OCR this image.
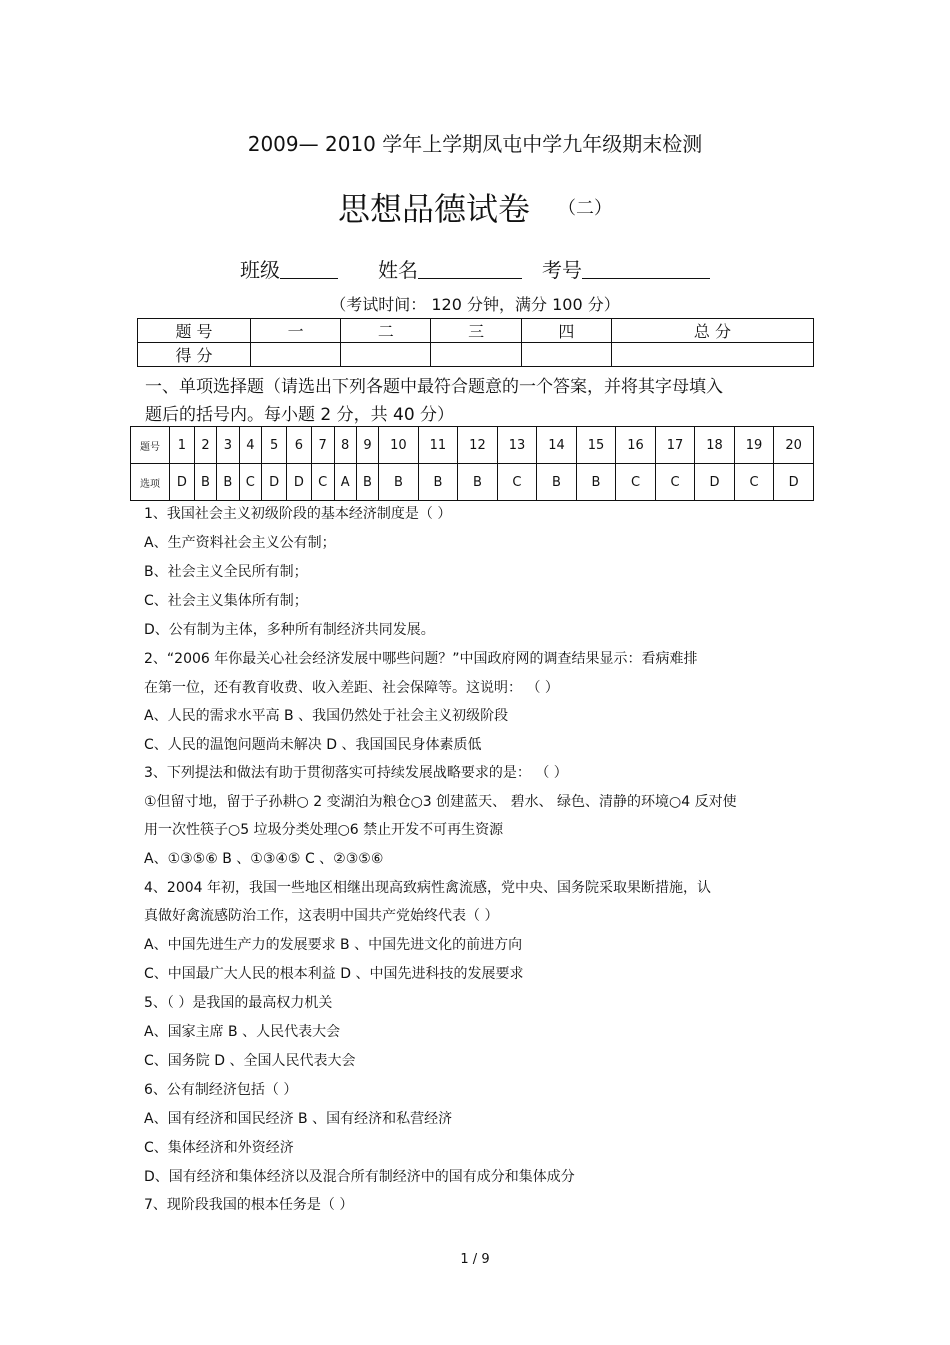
2009— 2010 学年上学期凤屯中学九年级期末检测
思想品德试卷 $^{(二)}$
班级	姓名	考号
（考试时间： 120 分钟，满分 100 分）
题 号	一	二	三	四	总 分
得 分					
一、单项选择题（请选出下列各题中最符合题意的一个答案，并将其字母填入
题后的括号内。每小题 2 分，共 40 分）
题号	1	2	3	4	5	6	7	8	9	10	11	12	13	14	15	16	17	18	19	20
选项	D	B	B	C	D	D	C	A	B	B	B	B	C	B	B	C	C	D	C	D
1、我国社会主义初级阶段的基本经济制度是（ ）
A、生产资料社会主义公有制；
B、社会主义全民所有制；
C、社会主义集体所有制；
D、公有制为主体，多种所有制经济共同发展。
2、“2006 年你最关心社会经济发展中哪些问题？”中国政府网的调查结果显示：看病难排
在第一位，还有教育收费、收入差距、社会保障等。这说明： （ ）
A、人民的需求水平高 B 、我国仍然处于社会主义初级阶段
C、人民的温饱问题尚未解决 D 、我国国民身体素质低
3、下列提法和做法有助于贯彻落实可持续发展战略要求的是： （ ）
①但留寸地，留于子孙耕○ 2 变湖泊为粮仓○3 创建蓝天、 碧水、 绿色、清静的环境○4 反对使
用一次性筷子○5 垃圾分类处理○6 禁止开发不可再生资源
A、①③⑤⑥ B 、①③④⑤ C 、②③⑤⑥
4、2004 年初，我国一些地区相继出现高致病性禽流感，党中央、国务院采取果断措施，认
真做好禽流感防治工作，这表明中国共产党始终代表（ ）
A、中国先进生产力的发展要求 B 、中国先进文化的前进方向
C、中国最广大人民的根本利益 D 、中国先进科技的发展要求
5、（ ）是我国的最高权力机关
A、国家主席 B 、人民代表大会
C、国务院 D 、全国人民代表大会
6、公有制经济包括（ ）
A、国有经济和国民经济 B 、国有经济和私营经济
C、集体经济和外资经济
D、国有经济和集体经济以及混合所有制经济中的国有成分和集体成分
7、现阶段我国的根本任务是（ ）
1 / 9
